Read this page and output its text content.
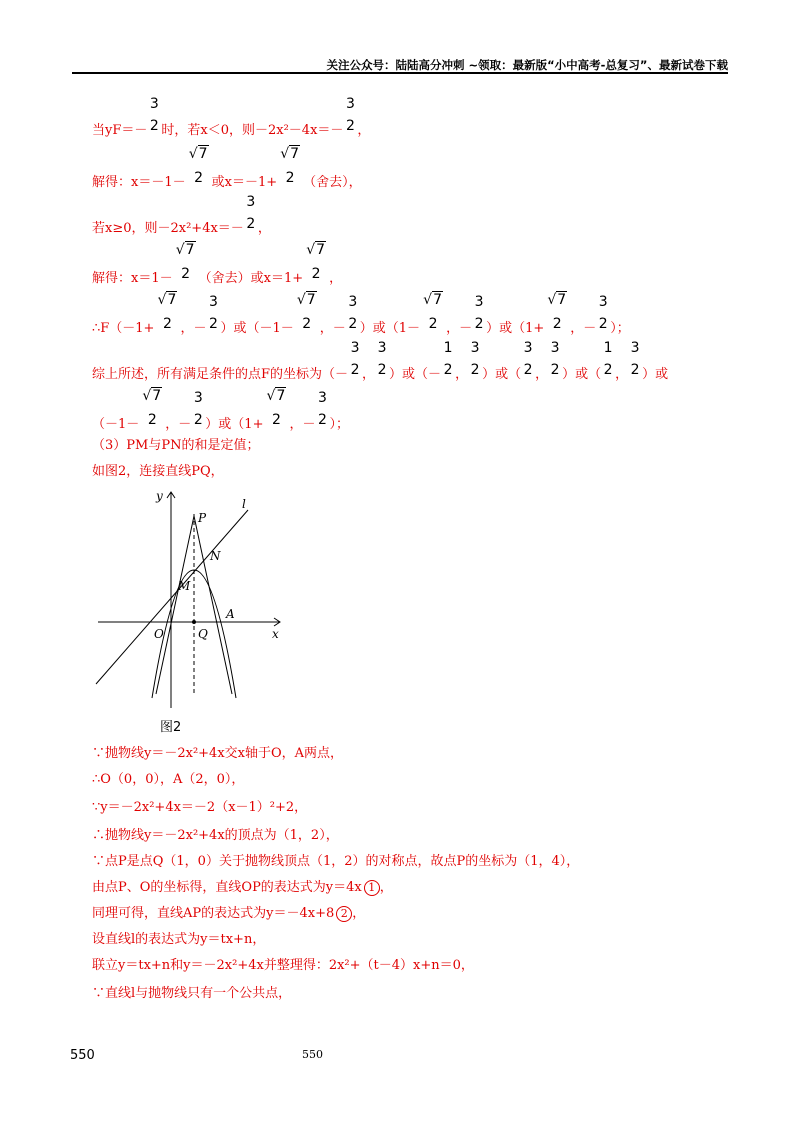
关注公众号：陆陆高分冲刺 ~领取：最新版“小中高考-总复习”、最新试卷下载
当yF＝－
3
2 时，若x＜0，则－2x²－4x＝－
3
2 ，
解得：x＝－1－
√7
2 或x＝－1+
√7
2 （舍去），
若x≥0，则－2x²+4x＝－
3
2 ，
解得：x＝1－
√7
2 （舍去）或x＝1+
√7
2 ，
∴F（－1+
√7
2 ，－
3
2 ）或（－1－
√7
2 ，－
3
2 ）或（1－
√7
2 ，－
3
2 ）或（1+
√7
2 ，－
3
2 ）；
综上所述，所有满足条件的点F的坐标为（－
3
2 ，
3
2 ）或（－
1
2 ，
3
2 ）或（
3
2 ，
3
2 ）或（
1
2 ，
3
2 ）或
（－1－
√7
2 ，－
3
2 ）或（1+
√7
2 ，－
3
2 ）；
（3）PM与PN的和是定值；
如图2，连接直线PQ，
y
x
O	Q
A
P
N
M
l
图2
∵抛物线y＝－2x²+4x交x轴于O，A两点，
∴O（0，0），A（2，0），
∵y＝－2x²+4x＝－2（x－1）²+2，
∴抛物线y＝－2x²+4x的顶点为（1，2），
∵点P是点Q（1，0）关于抛物线顶点（1，2）的对称点，故点P的坐标为（1，4），
由点P、O的坐标得，直线OP的表达式为y＝4x 1 ，
同理可得，直线AP的表达式为y＝－4x+8 2 ，
设直线l的表达式为y＝tx+n，
联立y＝tx+n和y＝－2x²+4x并整理得：2x²+（t－4）x+n＝0，
∵直线l与抛物线只有一个公共点，
550	550
